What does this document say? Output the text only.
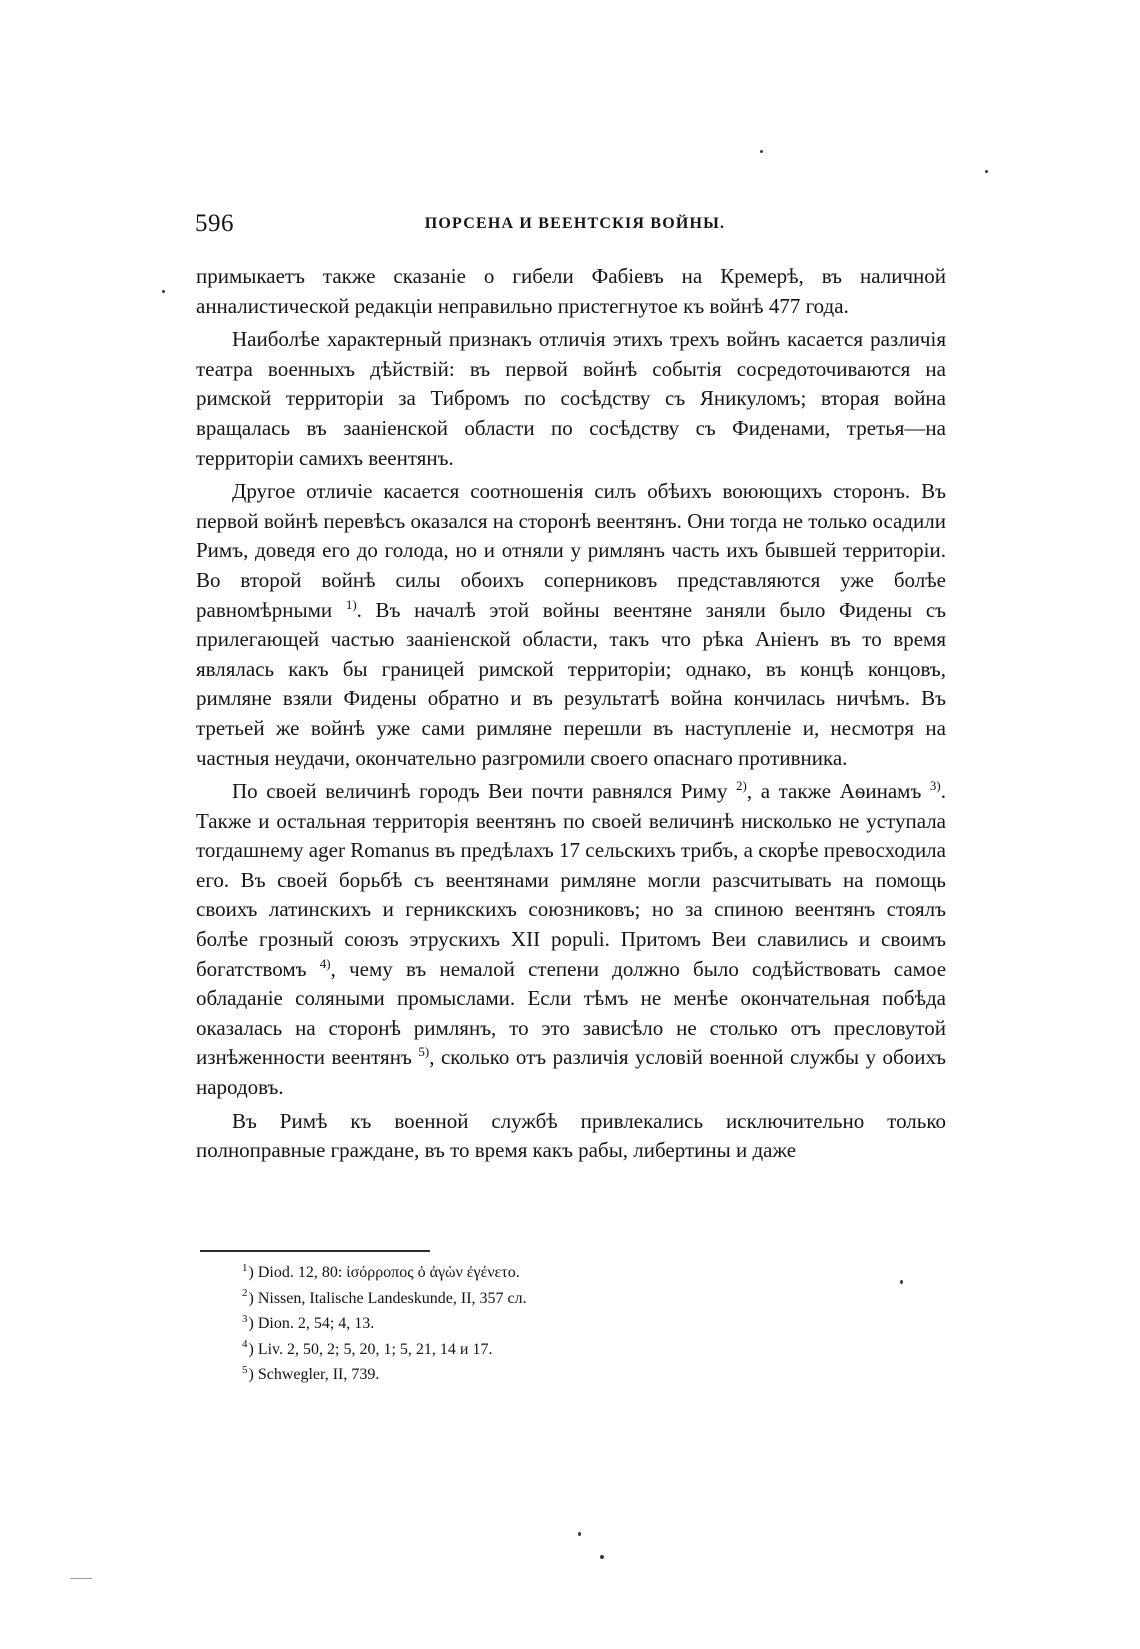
596	ПОРСЕНА И ВЕЕНТСКІЯ ВОЙНЫ.

примыкаетъ также сказаніе о гибели Фабіевъ на Кремерѣ, въ наличной анналистической редакціи неправильно пристегнутое къ войнѣ 477 года.

Наиболѣе характерный признакъ отличія этихъ трехъ войнъ касается различія театра военныхъ дѣйствій: въ первой войнѣ событія сосредоточиваются на римской территоріи за Тибромъ по сосѣдству съ Яникуломъ; вторая война вращалась въ зааніенской области по сосѣдству съ Фиденами, третья—на территоріи самихъ веентянъ.

Другое отличіе касается соотношенія силъ обѣихъ воюющихъ сторонъ. Въ первой войнѣ перевѣсъ оказался на сторонѣ веентянъ. Они тогда не только осадили Римъ, доведя его до голода, но и отняли у римлянъ часть ихъ бывшей территоріи. Во второй войнѣ силы обоихъ соперниковъ представляются уже болѣе равномѣрными $^{1)}$. Въ началѣ этой войны веентяне заняли было Фидены съ прилегающей частью зааніенской области, такъ что рѣка Аніенъ въ то время являлась какъ бы границей римской территоріи; однако, въ концѣ концовъ, римляне взяли Фидены обратно и въ результатѣ война кончилась ничѣмъ. Въ третьей же войнѣ уже сами римляне перешли въ наступленіе и, несмотря на частныя неудачи, окончательно разгромили своего опаснаго противника.

По своей величинѣ городъ Веи почти равнялся Риму $^{2)}$, а также Аѳинамъ $^{3)}$. Также и остальная территорія веентянъ по своей величинѣ нисколько не уступала тогдашнему ager Romanus въ предѣлахъ 17 сельскихъ трибъ, а скорѣе превосходила его. Въ своей борьбѣ съ веентянами римляне могли разсчитывать на помощь своихъ латинскихъ и герникскихъ союзниковъ; но за спиною веентянъ стоялъ болѣе грозный союзъ этрускихъ XII populi. Притомъ Веи славились и своимъ богатствомъ $^{4)}$, чему въ немалой степени должно было содѣйствовать самое обладаніе соляными промыслами. Если тѣмъ не менѣе окончательная побѣда оказалась на сторонѣ римлянъ, то это зависѣло не столько отъ пресловутой изнѣженности веентянъ $^{5)}$, сколько отъ различія условій военной службы у обоихъ народовъ.

Въ Римѣ къ военной службѣ привлекались исключительно только полноправные граждане, въ то время какъ рабы, либертины и даже

$^1$) Diod. 12, 80: ἰσόρροπος ὁ ἀγὼν ἐγένετο.
$^2$) Nissen, Italische Landeskunde, II, 357 сл.
$^3$) Dion. 2, 54; 4, 13.
$^4$) Liv. 2, 50, 2; 5, 20, 1; 5, 21, 14 и 17.
$^5$) Schwegler, II, 739.
